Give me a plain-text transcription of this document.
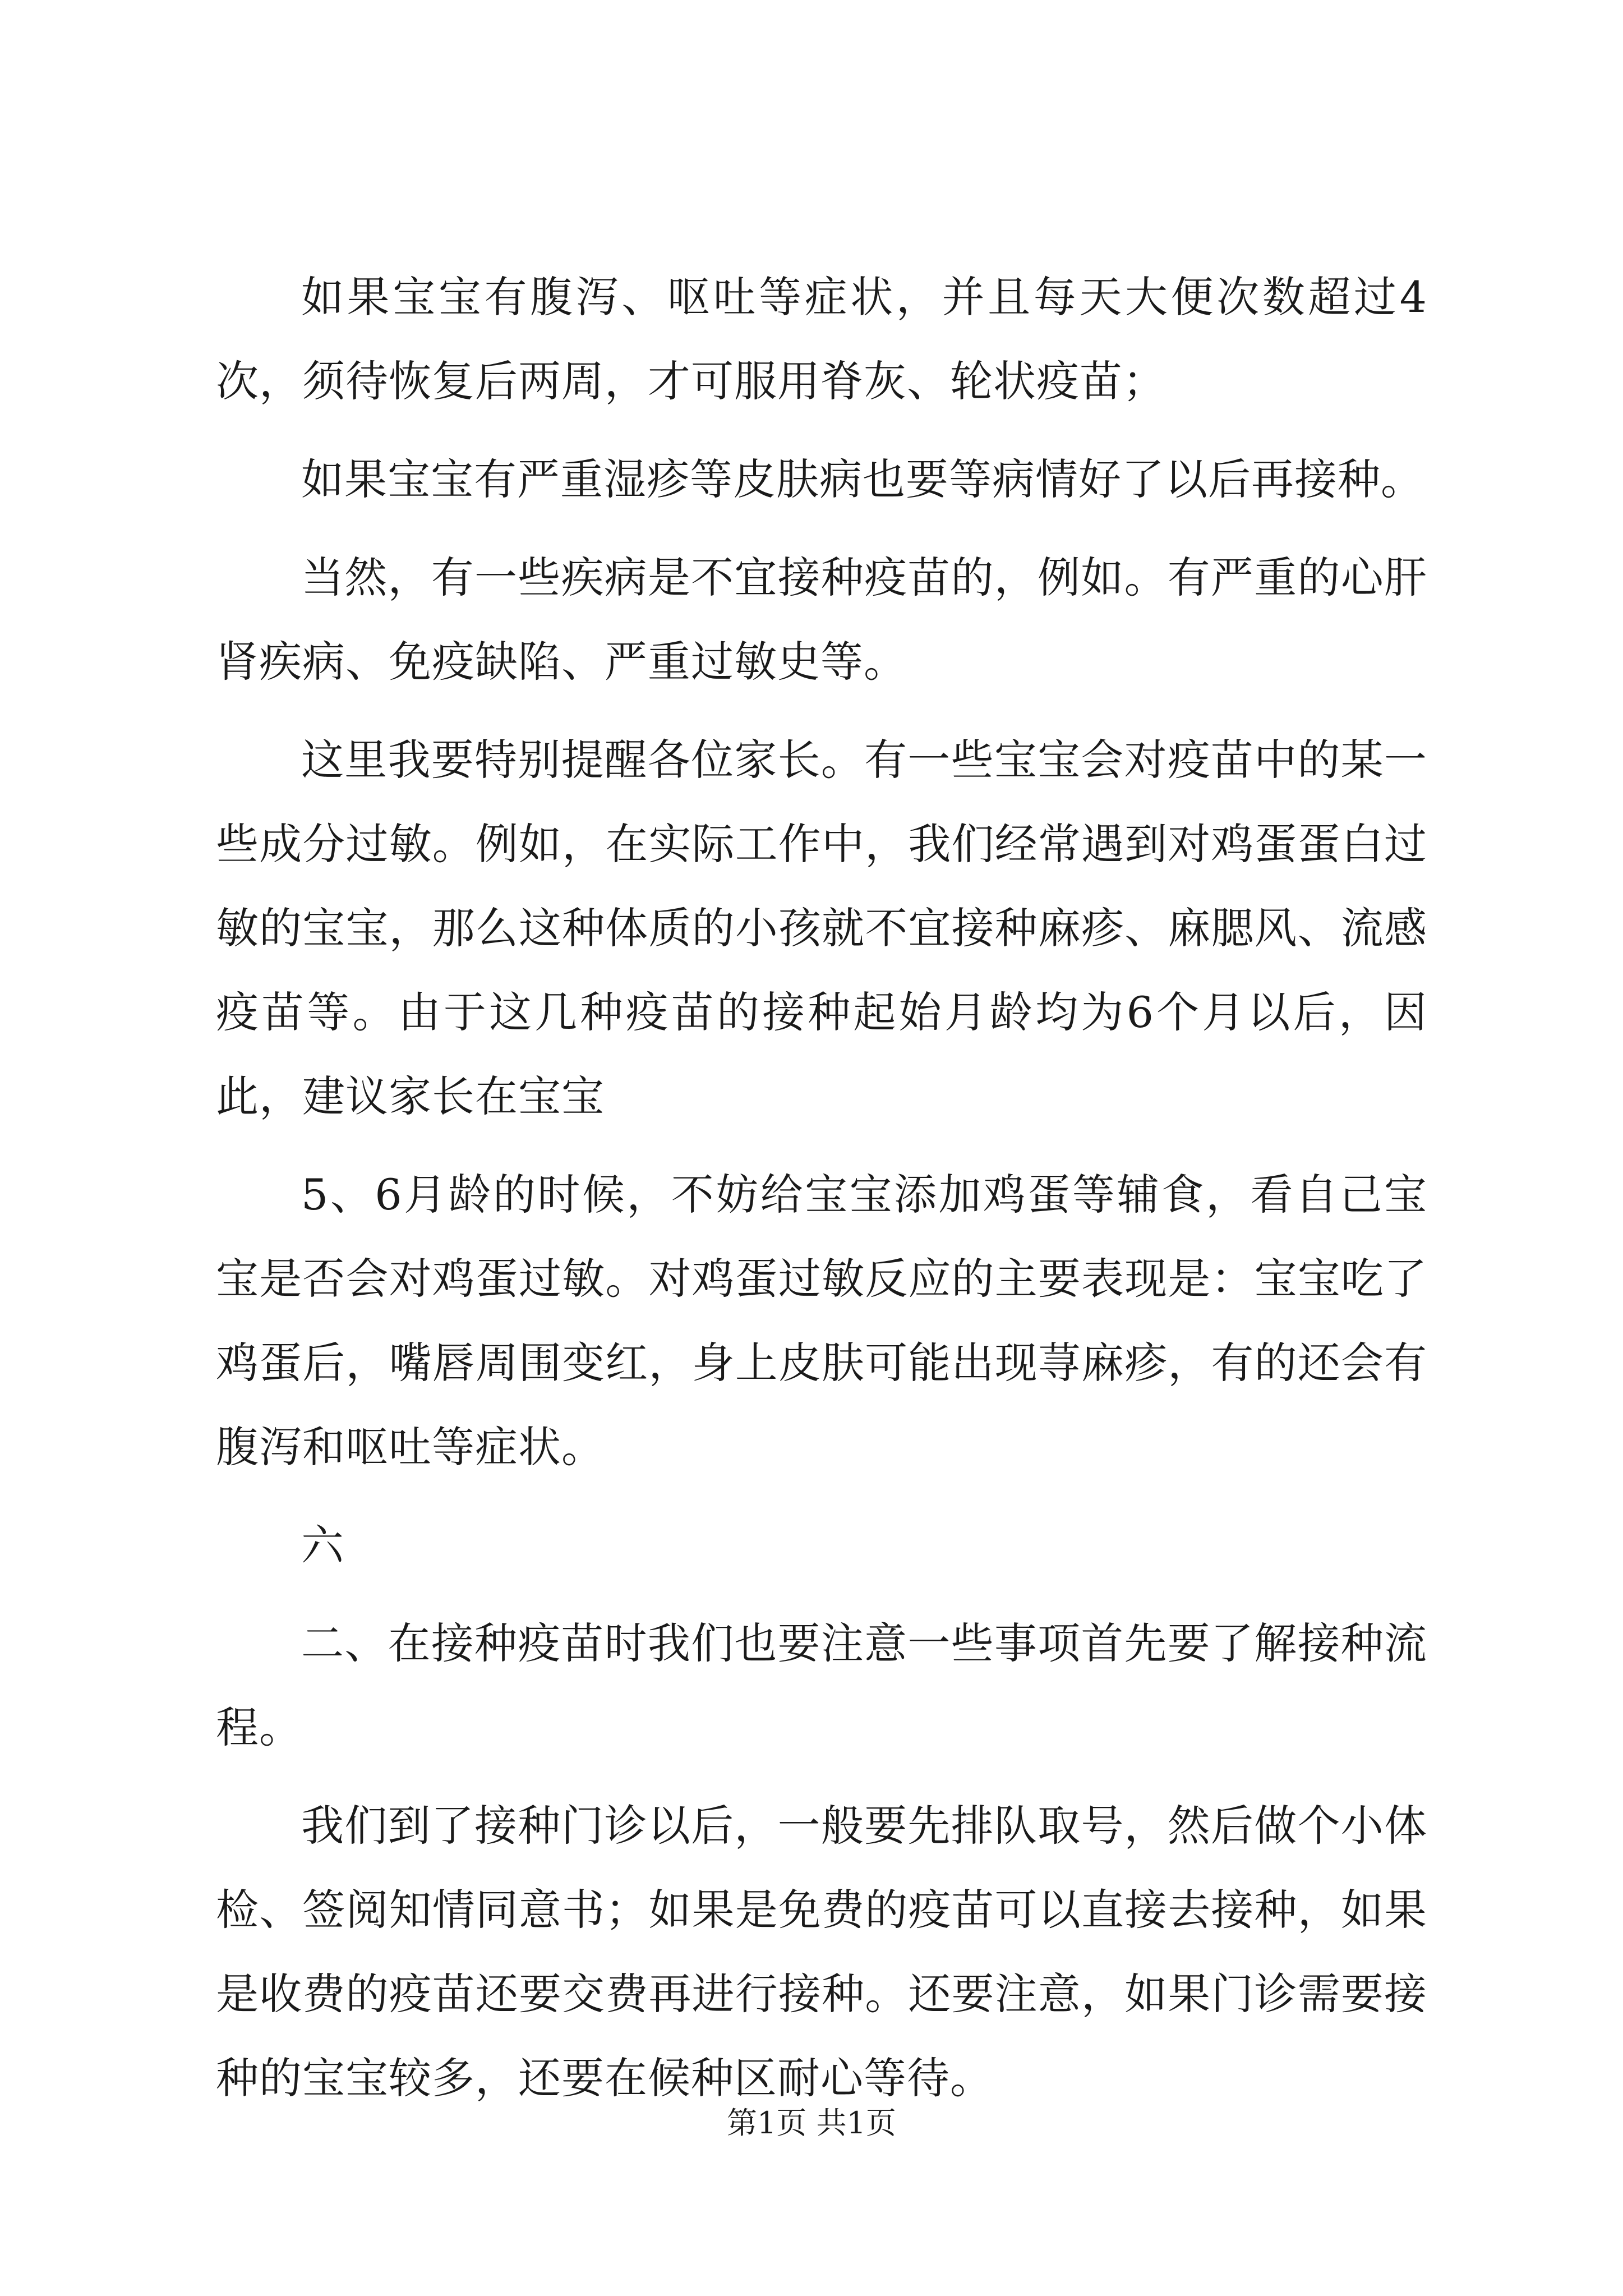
如果宝宝有腹泻、呕吐等症状，并且每天大便次数超过4次，须待恢复后两周，才可服用脊灰、轮状疫苗；

如果宝宝有严重湿疹等皮肤病也要等病情好了以后再接种。

当然，有一些疾病是不宜接种疫苗的，例如。有严重的心肝肾疾病、免疫缺陷、严重过敏史等。

这里我要特别提醒各位家长。有一些宝宝会对疫苗中的某一些成分过敏。例如，在实际工作中，我们经常遇到对鸡蛋蛋白过敏的宝宝，那么这种体质的小孩就不宜接种麻疹、麻腮风、流感疫苗等。由于这几种疫苗的接种起始月龄均为6个月以后，因此，建议家长在宝宝

5、6月龄的时候，不妨给宝宝添加鸡蛋等辅食，看自己宝宝是否会对鸡蛋过敏。对鸡蛋过敏反应的主要表现是：宝宝吃了鸡蛋后，嘴唇周围变红，身上皮肤可能出现荨麻疹，有的还会有腹泻和呕吐等症状。

六

二、在接种疫苗时我们也要注意一些事项首先要了解接种流程。

我们到了接种门诊以后，一般要先排队取号，然后做个小体检、签阅知情同意书；如果是免费的疫苗可以直接去接种，如果是收费的疫苗还要交费再进行接种。还要注意，如果门诊需要接种的宝宝较多，还要在候种区耐心等待。

第1页 共1页
